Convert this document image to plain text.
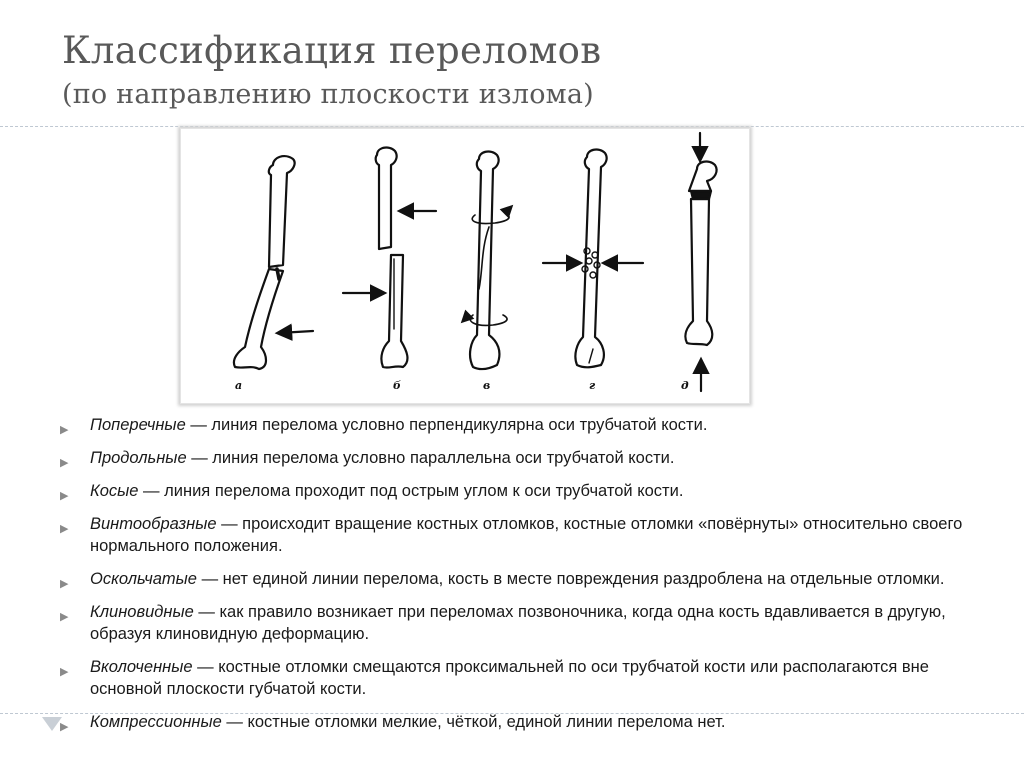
Классификация переломов
(по направлению плоскости излома)
а	б	в	г	д
▶ Поперечные — линия перелома условно перпендикулярна оси трубчатой кости.
▶ Продольные — линия перелома условно параллельна оси трубчатой кости.
▶ Косые — линия перелома проходит под острым углом к оси трубчатой кости.
▶ Винтообразные — происходит вращение костных отломков, костные отломки «повёрнуты» относительно своего нормального положения.
▶ Оскольчатые — нет единой линии перелома, кость в месте повреждения раздроблена на отдельные отломки.
▶ Клиновидные — как правило возникает при переломах позвоночника, когда одна кость вдавливается в другую, образуя клиновидную деформацию.
▶ Вколоченные — костные отломки смещаются проксимальней по оси трубчатой кости или располагаются вне основной плоскости губчатой кости.
▶ Компрессионные — костные отломки мелкие, чёткой, единой линии перелома нет.
